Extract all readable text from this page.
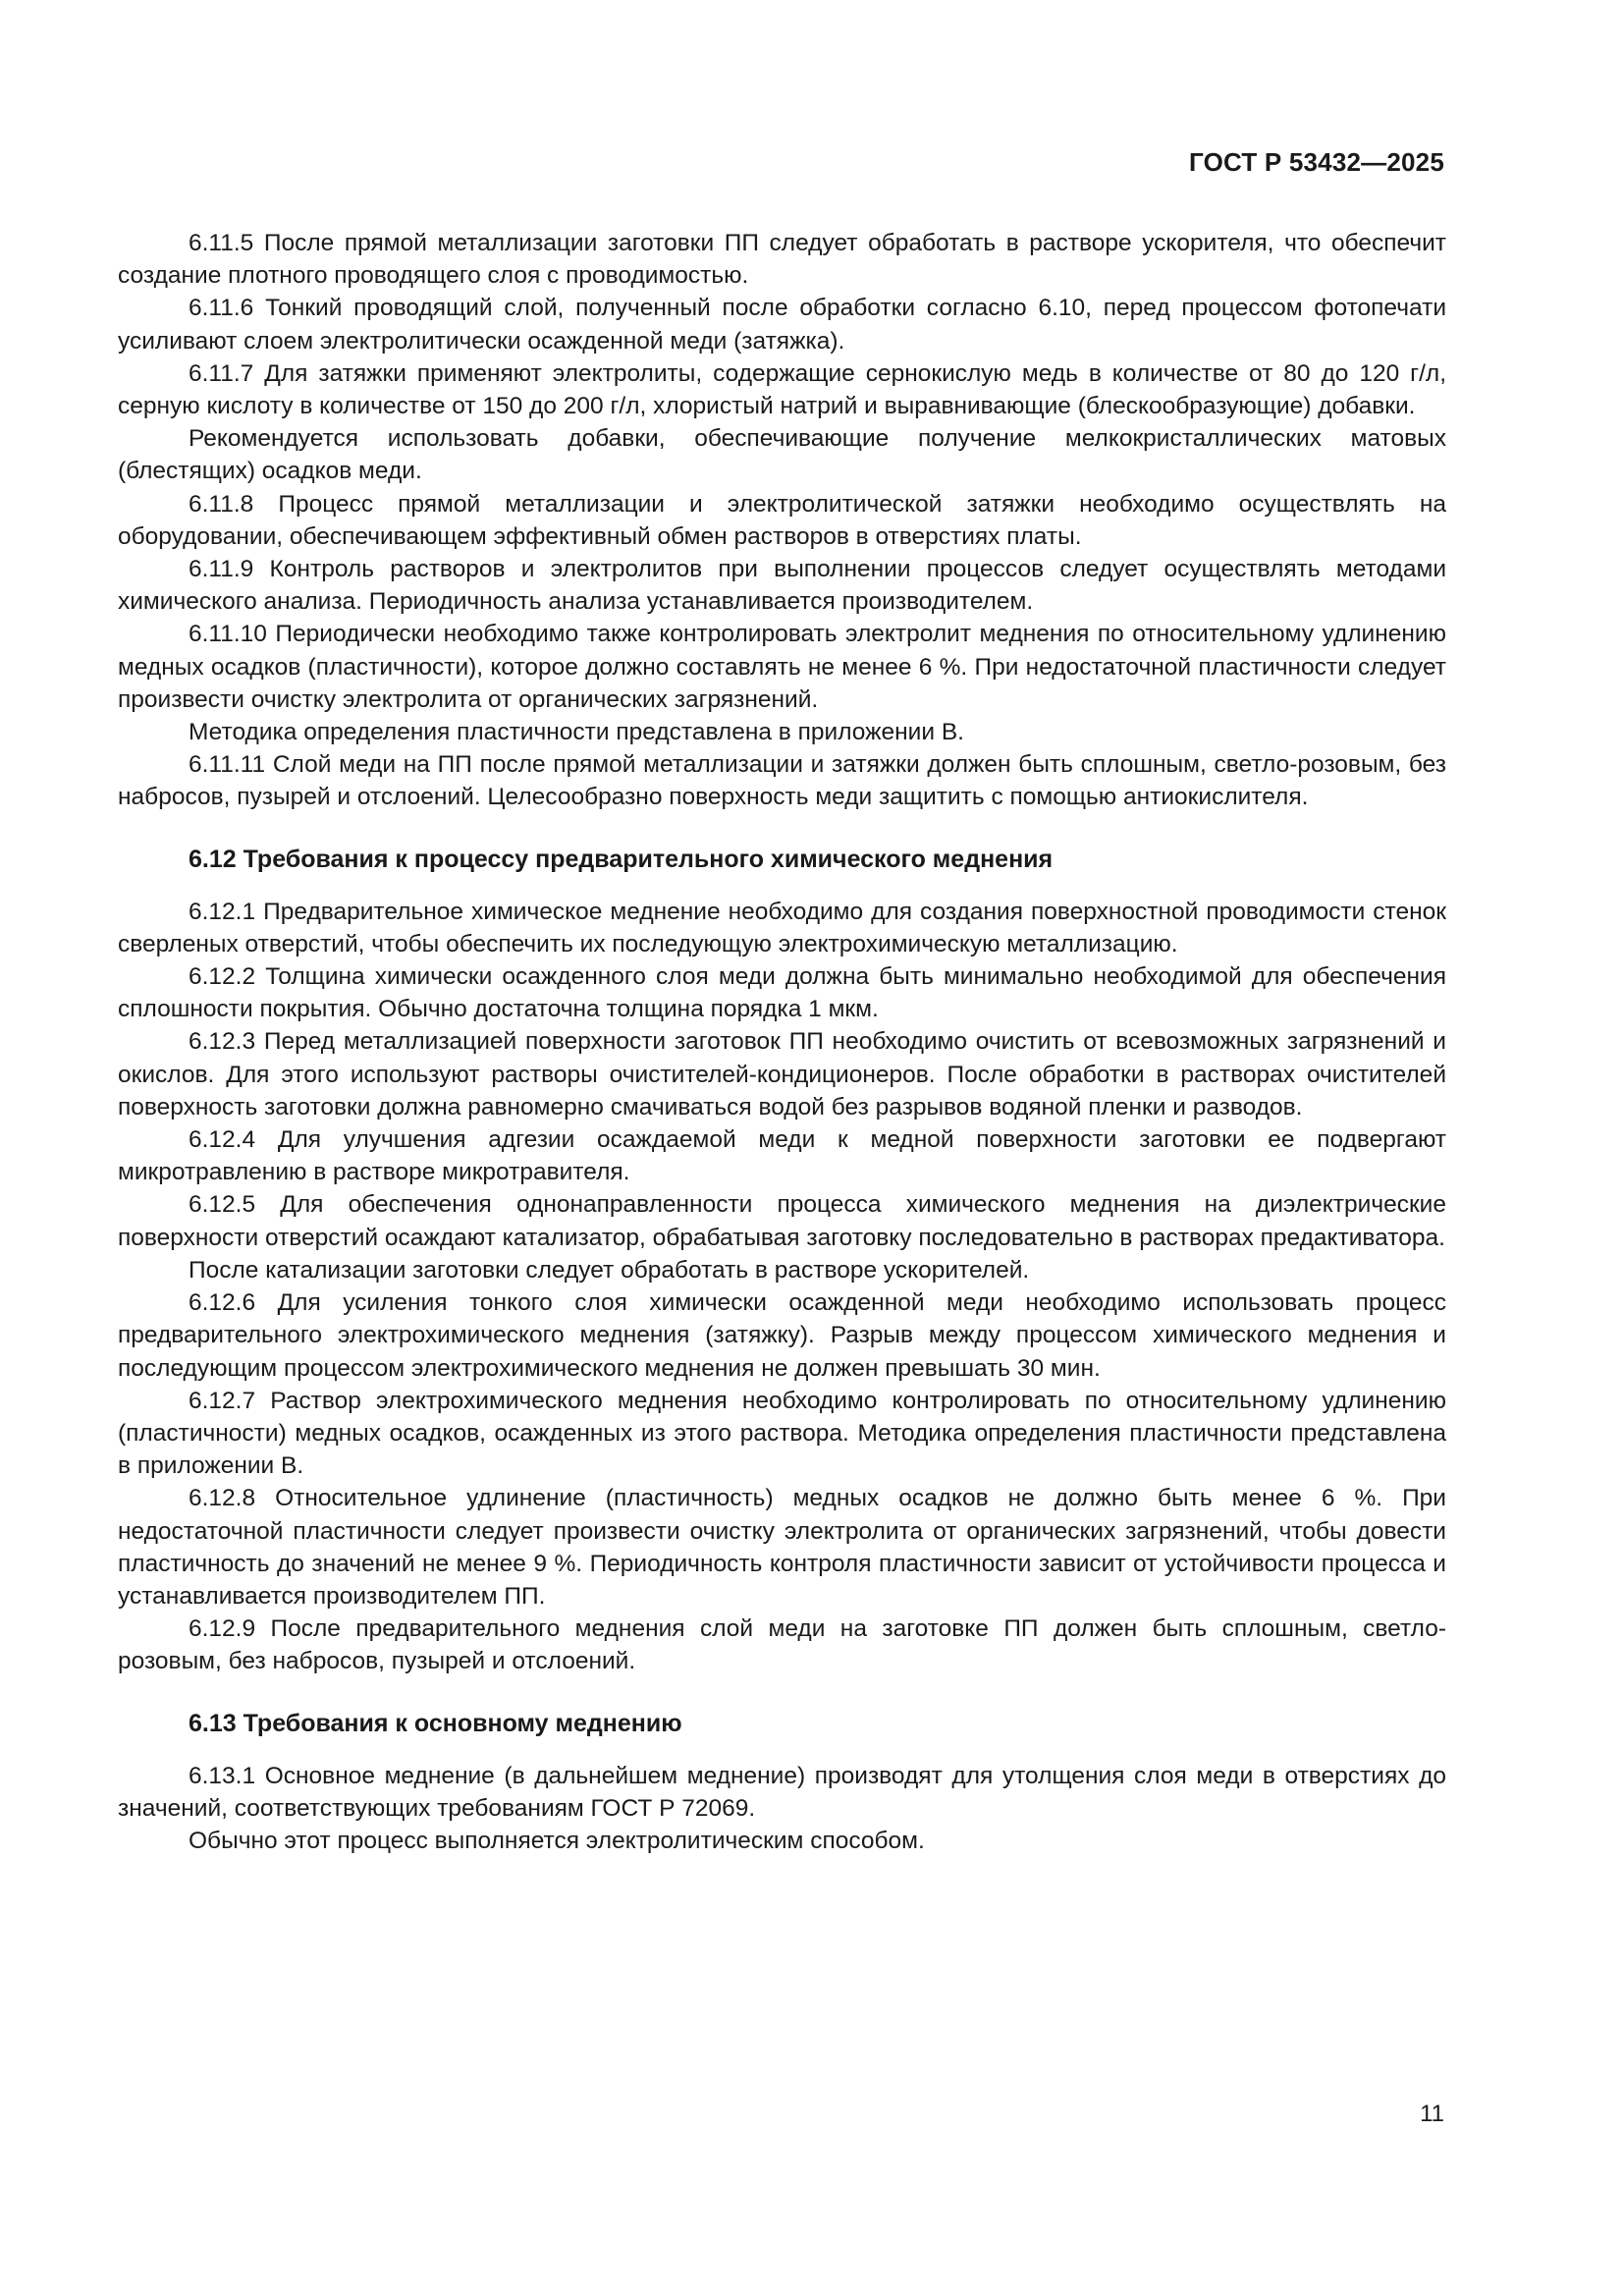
ГОСТ Р 53432—2025

6.11.5 После прямой металлизации заготовки ПП следует обработать в растворе ускорителя, что обеспечит создание плотного проводящего слоя с проводимостью.

6.11.6 Тонкий проводящий слой, полученный после обработки согласно 6.10, перед процессом фотопечати усиливают слоем электролитически осажденной меди (затяжка).

6.11.7 Для затяжки применяют электролиты, содержащие сернокислую медь в количестве от 80 до 120 г/л, серную кислоту в количестве от 150 до 200 г/л, хлористый натрий и выравнивающие (блескообразующие) добавки.

Рекомендуется использовать добавки, обеспечивающие получение мелкокристаллических матовых (блестящих) осадков меди.

6.11.8 Процесс прямой металлизации и электролитической затяжки необходимо осуществлять на оборудовании, обеспечивающем эффективный обмен растворов в отверстиях платы.

6.11.9 Контроль растворов и электролитов при выполнении процессов следует осуществлять методами химического анализа. Периодичность анализа устанавливается производителем.

6.11.10 Периодически необходимо также контролировать электролит меднения по относительному удлинению медных осадков (пластичности), которое должно составлять не менее 6 %. При недостаточной пластичности следует произвести очистку электролита от органических загрязнений.

Методика определения пластичности представлена в приложении В.

6.11.11 Слой меди на ПП после прямой металлизации и затяжки должен быть сплошным, светло-розовым, без набросов, пузырей и отслоений. Целесообразно поверхность меди защитить с помощью антиокислителя.

6.12 Требования к процессу предварительного химического меднения

6.12.1 Предварительное химическое меднение необходимо для создания поверхностной проводимости стенок сверленых отверстий, чтобы обеспечить их последующую электрохимическую металлизацию.

6.12.2 Толщина химически осажденного слоя меди должна быть минимально необходимой для обеспечения сплошности покрытия. Обычно достаточна толщина порядка 1 мкм.

6.12.3 Перед металлизацией поверхности заготовок ПП необходимо очистить от всевозможных загрязнений и окислов. Для этого используют растворы очистителей-кондиционеров. После обработки в растворах очистителей поверхность заготовки должна равномерно смачиваться водой без разрывов водяной пленки и разводов.

6.12.4 Для улучшения адгезии осаждаемой меди к медной поверхности заготовки ее подвергают микротравлению в растворе микротравителя.

6.12.5 Для обеспечения однонаправленности процесса химического меднения на диэлектрические поверхности отверстий осаждают катализатор, обрабатывая заготовку последовательно в растворах предактиватора.

После катализации заготовки следует обработать в растворе ускорителей.

6.12.6 Для усиления тонкого слоя химически осажденной меди необходимо использовать процесс предварительного электрохимического меднения (затяжку). Разрыв между процессом химического меднения и последующим процессом электрохимического меднения не должен превышать 30 мин.

6.12.7 Раствор электрохимического меднения необходимо контролировать по относительному удлинению (пластичности) медных осадков, осажденных из этого раствора. Методика определения пластичности представлена в приложении В.

6.12.8 Относительное удлинение (пластичность) медных осадков не должно быть менее 6 %. При недостаточной пластичности следует произвести очистку электролита от органических загрязнений, чтобы довести пластичность до значений не менее 9 %. Периодичность контроля пластичности зависит от устойчивости процесса и устанавливается производителем ПП.

6.12.9 После предварительного меднения слой меди на заготовке ПП должен быть сплошным, светло-розовым, без набросов, пузырей и отслоений.

6.13 Требования к основному меднению

6.13.1 Основное меднение (в дальнейшем меднение) производят для утолщения слоя меди в отверстиях до значений, соответствующих требованиям ГОСТ Р 72069.

Обычно этот процесс выполняется электролитическим способом.

11
